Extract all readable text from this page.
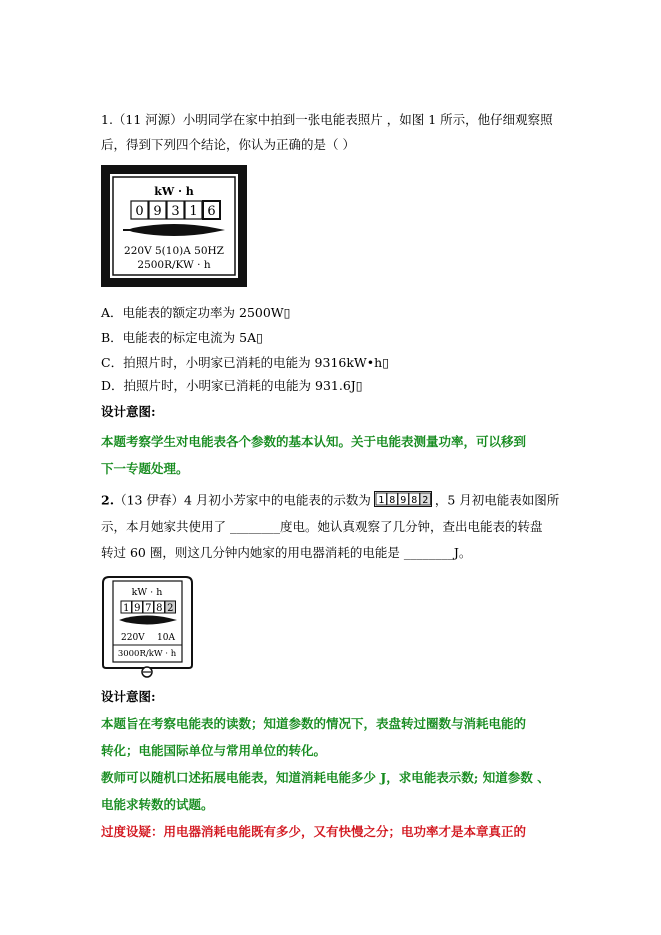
1.（11 河源）小明同学在家中拍到一张电能表照片 ，如图 1 所示，他仔细观察照
后，得到下列四个结论，你认为正确的是（ ）
kW · h
0 9 3 1 6
220V 5(10)A 50HZ
2500R/KW · h
A．电能表的额定功率为 2500W▯
B．电能表的标定电流为 5A▯
C．拍照片时，小明家已消耗的电能为 9316kW•h▯
D．拍照片时，小明家已消耗的电能为 931.6J▯
设计意图:
本题考察学生对电能表各个参数的基本认知。关于电能表测量功率，可以移到
下一专题处理。
2.（13 伊春）4 月初小芳家中的电能表的示数为 1 8 9 8 2 ，5 月初电能表如图所
示，本月她家共使用了 ________度电。她认真观察了几分钟，查出电能表的转盘
转过 60 圈，则这几分钟内她家的用电器消耗的电能是 ________J。
kW · h
1 9 7 8 2
220V 10A
3000R/kW · h
设计意图:
本题旨在考察电能表的读数；知道参数的情况下，表盘转过圈数与消耗电能的
转化；电能国际单位与常用单位的转化。
教师可以随机口述拓展电能表，知道消耗电能多少 J，求电能表示数; 知道参数 、
电能求转数的试题。
过度设疑：用电器消耗电能既有多少，又有快慢之分；电功率才是本章真正的
